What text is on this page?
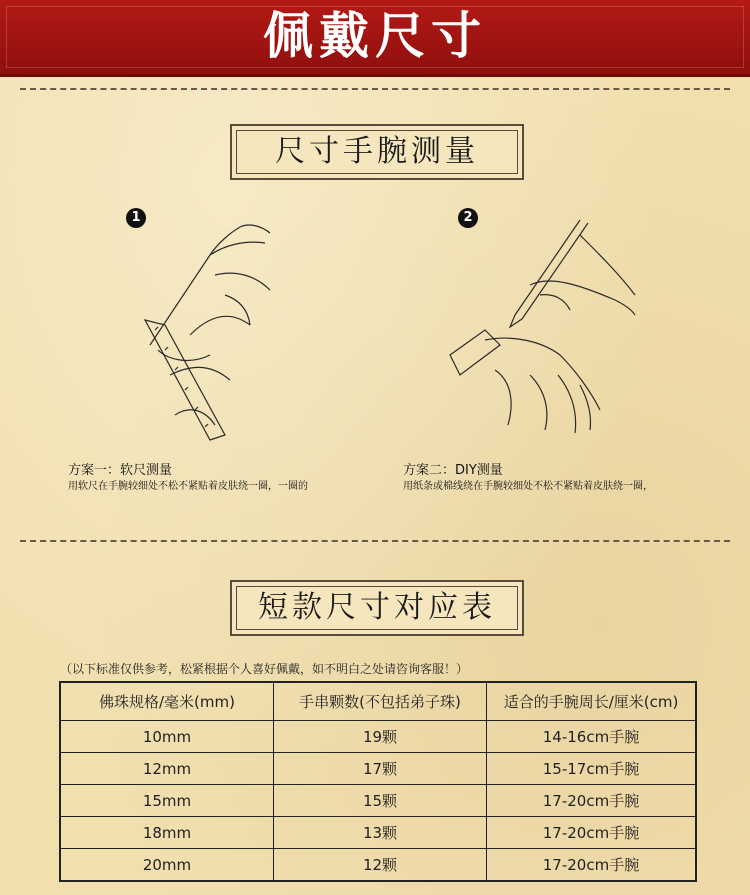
佩戴尺寸
尺寸手腕测量
1
方案一：软尺测量
用软尺在手腕较细处不松不紧贴着皮肤绕一圈，一圈的
2
方案二：DIY测量
用纸条或棉线绕在手腕较细处不松不紧贴着皮肤绕一圈，
短款尺寸对应表
（以下标准仅供参考，松紧根据个人喜好佩戴，如不明白之处请咨询客服！）
佛珠规格/毫米(mm)	手串颗数(不包括弟子珠)	适合的手腕周长/厘米(cm)
10mm	19颗	14-16cm手腕
12mm	17颗	15-17cm手腕
15mm	15颗	17-20cm手腕
18mm	13颗	17-20cm手腕
20mm	12颗	17-20cm手腕
